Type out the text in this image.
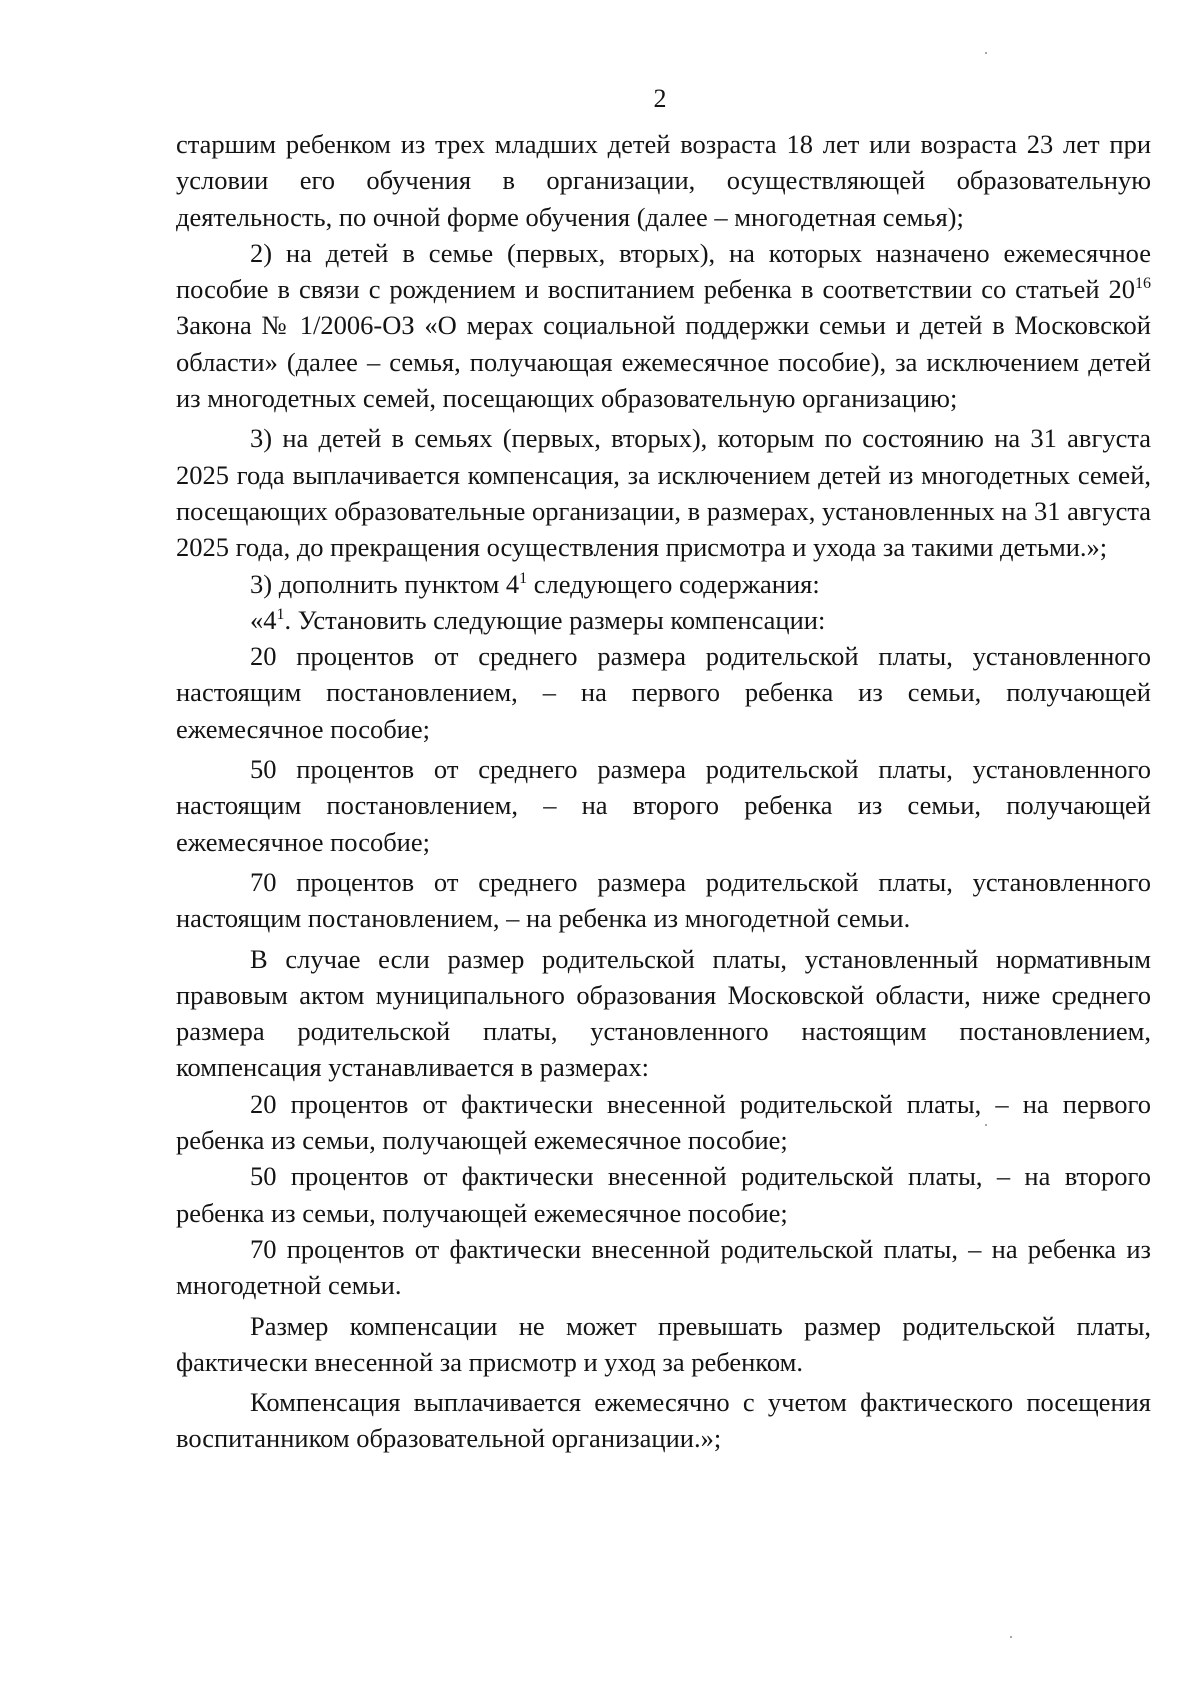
2

старшим ребенком из трех младших детей возраста 18 лет или возраста 23 лет при условии его обучения в организации, осуществляющей образовательную деятельность, по очной форме обучения (далее – многодетная семья);

2) на детей в семье (первых, вторых), на которых назначено ежемесячное пособие в связи с рождением и воспитанием ребенка в соответствии со статьей $20^{16}$ Закона № 1/2006-ОЗ «О мерах социальной поддержки семьи и детей в Московской области» (далее – семья, получающая ежемесячное пособие), за исключением детей из многодетных семей, посещающих образовательную организацию;

3) на детей в семьях (первых, вторых), которым по состоянию на 31 августа 2025 года выплачивается компенсация, за исключением детей из многодетных семей, посещающих образовательные организации, в размерах, установленных на 31 августа 2025 года, до прекращения осуществления присмотра и ухода за такими детьми.»;

3) дополнить пунктом $4^1$ следующего содержания:

«$4^1$. Установить следующие размеры компенсации:

20 процентов от среднего размера родительской платы, установленного настоящим постановлением, – на первого ребенка из семьи, получающей ежемесячное пособие;

50 процентов от среднего размера родительской платы, установленного настоящим постановлением, – на второго ребенка из семьи, получающей ежемесячное пособие;

70 процентов от среднего размера родительской платы, установленного настоящим постановлением, – на ребенка из многодетной семьи.

В случае если размер родительской платы, установленный нормативным правовым актом муниципального образования Московской области, ниже среднего размера родительской платы, установленного настоящим постановлением, компенсация устанавливается в размерах:

20 процентов от фактически внесенной родительской платы, – на первого ребенка из семьи, получающей ежемесячное пособие;

50 процентов от фактически внесенной родительской платы, – на второго ребенка из семьи, получающей ежемесячное пособие;

70 процентов от фактически внесенной родительской платы, – на ребенка из многодетной семьи.

Размер компенсации не может превышать размер родительской платы, фактически внесенной за присмотр и уход за ребенком.

Компенсация выплачивается ежемесячно с учетом фактического посещения воспитанником образовательной организации.»;
